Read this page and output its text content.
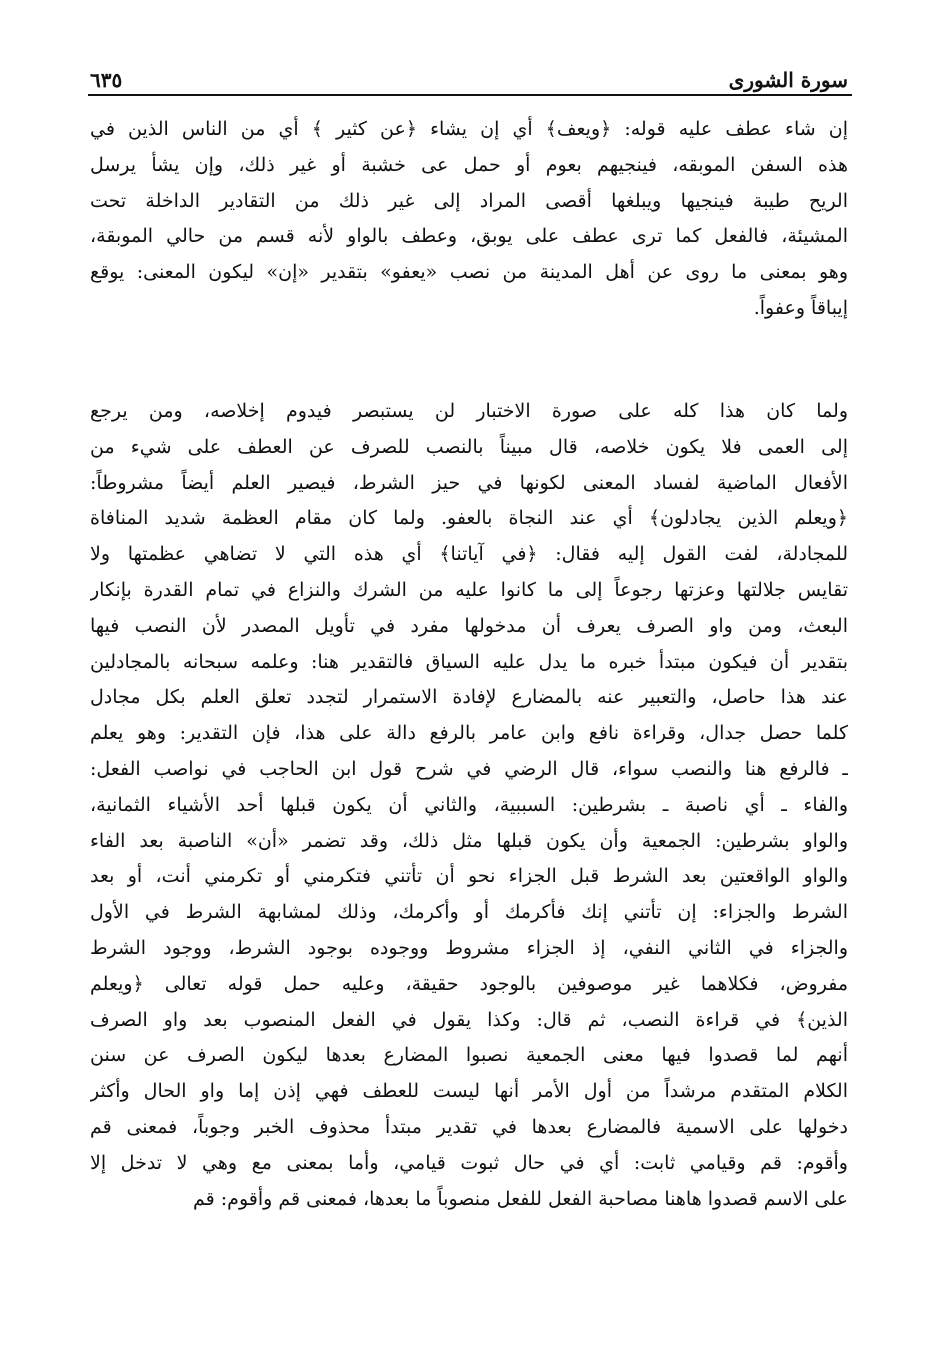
سورة الشورى
٦٣٥
إن شاء عطف عليه قوله: ﴿ويعف﴾ أي إن يشاء ﴿عن كثير ﴾ أي من الناس الذين في
هذه السفن الموبقه، فينجيهم بعوم أو حمل عى خشبة أو غير ذلك، وإن يشأ يرسل
الريح طيبة فينجيها ويبلغها أقصى المراد إلى غير ذلك من التقادير الداخلة تحت
المشيئة، فالفعل كما ترى عطف على يوبق، وعطف بالواو لأنه قسم من حالي الموبقة،
وهو بمعنى ما روى عن أهل المدينة من نصب «يعفو» بتقدير «إن» ليكون المعنى: يوقع
إيباقاً وعفواً.
ولما كان هذا كله على صورة الاختبار لن يستبصر فيدوم إخلاصه، ومن يرجع
إلى العمى فلا يكون خلاصه، قال مبيناً بالنصب للصرف عن العطف على شيء من
الأفعال الماضية لفساد المعنى لكونها في حيز الشرط، فيصير العلم أيضاً مشروطاً:
﴿ويعلم الذين يجادلون﴾ أي عند النجاة بالعفو. ولما كان مقام العظمة شديد المنافاة
للمجادلة، لفت القول إليه فقال: ﴿في آياتنا﴾ أي هذه التي لا تضاهي عظمتها ولا
تقايس جلالتها وعزتها رجوعاً إلى ما كانوا عليه من الشرك والنزاع في تمام القدرة بإنكار
البعث، ومن واو الصرف يعرف أن مدخولها مفرد في تأويل المصدر لأن النصب فيها
بتقدير أن فيكون مبتدأ خبره ما يدل عليه السياق فالتقدير هنا: وعلمه سبحانه بالمجادلين
عند هذا حاصل، والتعبير عنه بالمضارع لإفادة الاستمرار لتجدد تعلق العلم بكل مجادل
كلما حصل جدال، وقراءة نافع وابن عامر بالرفع دالة على هذا، فإن التقدير: وهو يعلم
ـ فالرفع هنا والنصب سواء، قال الرضي في شرح قول ابن الحاجب في نواصب الفعل:
والفاء ـ أي ناصبة ـ بشرطين: السببية، والثاني أن يكون قبلها أحد الأشياء الثمانية،
والواو بشرطين: الجمعية وأن يكون قبلها مثل ذلك، وقد تضمر «أن» الناصبة بعد الفاء
والواو الواقعتين بعد الشرط قبل الجزاء نحو أن تأتني فتكرمني أو تكرمني أنت، أو بعد
الشرط والجزاء: إن تأتني إنك فأكرمك أو وأكرمك، وذلك لمشابهة الشرط في الأول
والجزاء في الثاني النفي، إذ الجزاء مشروط ووجوده بوجود الشرط، ووجود الشرط
مفروض، فكلاهما غير موصوفين بالوجود حقيقة، وعليه حمل قوله تعالى ﴿ويعلم
الذين﴾ في قراءة النصب، ثم قال: وكذا يقول في الفعل المنصوب بعد واو الصرف
أنهم لما قصدوا فيها معنى الجمعية نصبوا المضارع بعدها ليكون الصرف عن سنن
الكلام المتقدم مرشداً من أول الأمر أنها ليست للعطف فهي إذن إما واو الحال وأكثر
دخولها على الاسمية فالمضارع بعدها في تقدير مبتدأ محذوف الخبر وجوباً، فمعنى قم
وأقوم: قم وقيامي ثابت: أي في حال ثبوت قيامي، وأما بمعنى مع وهي لا تدخل إلا
على الاسم قصدوا هاهنا مصاحبة الفعل للفعل منصوباً ما بعدها، فمعنى قم وأقوم: قم
